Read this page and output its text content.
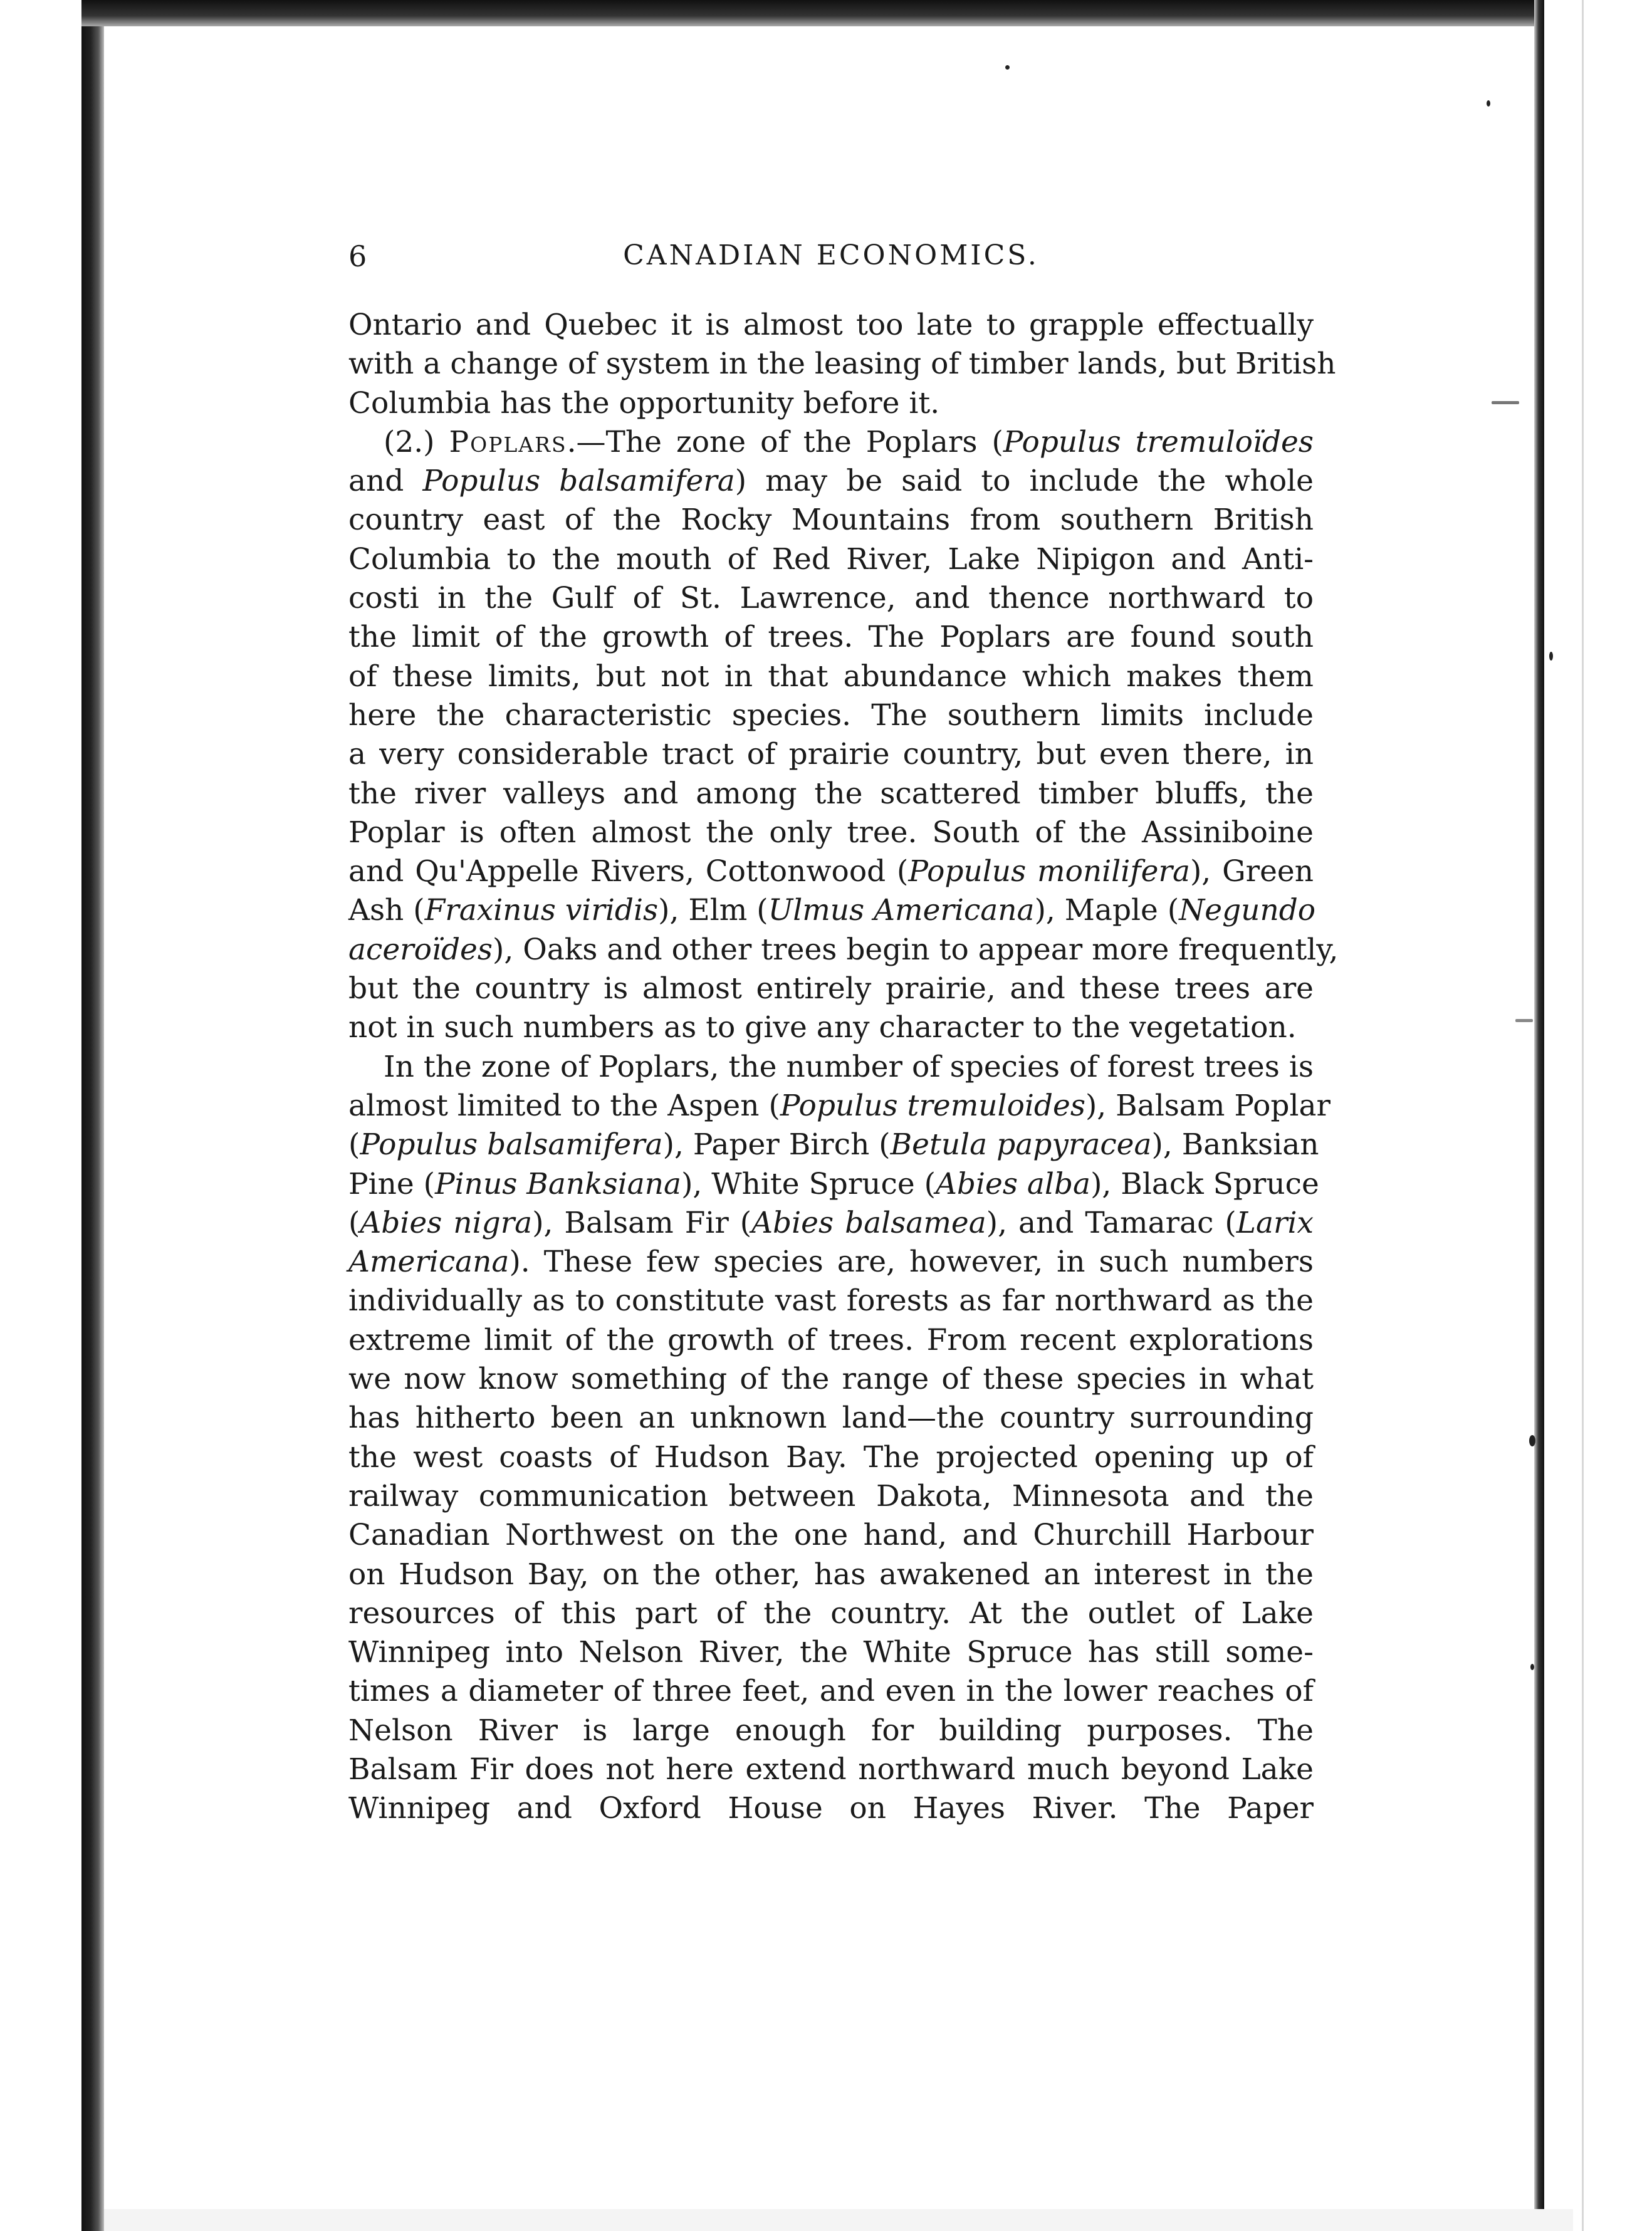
6	CANADIAN ECONOMICS.
Ontario and Quebec it is almost too late to grapple effectually
with a change of system in the leasing of timber lands, but British
Columbia has the opportunity before it.
(2.) Poplars.—The zone of the Poplars (Populus tremuloïdes
and Populus balsamifera) may be said to include the whole
country east of the Rocky Mountains from southern British
Columbia to the mouth of Red River, Lake Nipigon and Anti-
costi in the Gulf of St. Lawrence, and thence northward to
the limit of the growth of trees. The Poplars are found south
of these limits, but not in that abundance which makes them
here the characteristic species. The southern limits include
a very considerable tract of prairie country, but even there, in
the river valleys and among the scattered timber bluffs, the
Poplar is often almost the only tree. South of the Assiniboine
and Qu'Appelle Rivers, Cottonwood (Populus monilifera), Green
Ash (Fraxinus viridis), Elm (Ulmus Americana), Maple (Negundo
aceroïdes), Oaks and other trees begin to appear more frequently,
but the country is almost entirely prairie, and these trees are
not in such numbers as to give any character to the vegetation.
In the zone of Poplars, the number of species of forest trees is
almost limited to the Aspen (Populus tremuloides), Balsam Poplar
(Populus balsamifera), Paper Birch (Betula papyracea), Banksian
Pine (Pinus Banksiana), White Spruce (Abies alba), Black Spruce
(Abies nigra), Balsam Fir (Abies balsamea), and Tamarac (Larix
Americana). These few species are, however, in such numbers
individually as to constitute vast forests as far northward as the
extreme limit of the growth of trees. From recent explorations
we now know something of the range of these species in what
has hitherto been an unknown land—the country surrounding
the west coasts of Hudson Bay. The projected opening up of
railway communication between Dakota, Minnesota and the
Canadian Northwest on the one hand, and Churchill Harbour
on Hudson Bay, on the other, has awakened an interest in the
resources of this part of the country. At the outlet of Lake
Winnipeg into Nelson River, the White Spruce has still some-
times a diameter of three feet, and even in the lower reaches of
Nelson River is large enough for building purposes. The
Balsam Fir does not here extend northward much beyond Lake
Winnipeg and Oxford House on Hayes River. The Paper
